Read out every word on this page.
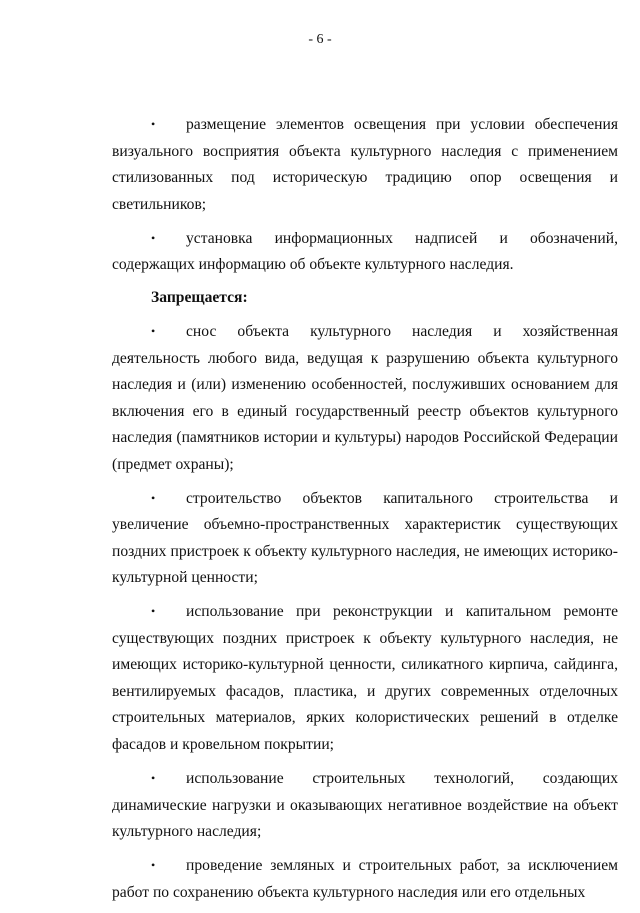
- 6 -

• размещение элементов освещения при условии обеспечения визуального восприятия объекта культурного наследия с применением стилизованных под историческую традицию опор освещения и светильников;

• установка информационных надписей и обозначений, содержащих информацию об объекте культурного наследия.

Запрещается:

• снос объекта культурного наследия и хозяйственная деятельность любого вида, ведущая к разрушению объекта культурного наследия и (или) изменению особенностей, послуживших основанием для включения его в единый государственный реестр объектов культурного наследия (памятников истории и культуры) народов Российской Федерации (предмет охраны);

• строительство объектов капитального строительства и увеличение объемно-пространственных характеристик существующих поздних пристроек к объекту культурного наследия, не имеющих историко-культурной ценности;

• использование при реконструкции и капитальном ремонте существующих поздних пристроек к объекту культурного наследия, не имеющих историко-культурной ценности, силикатного кирпича, сайдинга, вентилируемых фасадов, пластика, и других современных отделочных строительных материалов, ярких колористических решений в отделке фасадов и кровельном покрытии;

• использование строительных технологий, создающих динамические нагрузки и оказывающих негативное воздействие на объект культурного наследия;

• проведение земляных и строительных работ, за исключением работ по сохранению объекта культурного наследия или его отдельных
